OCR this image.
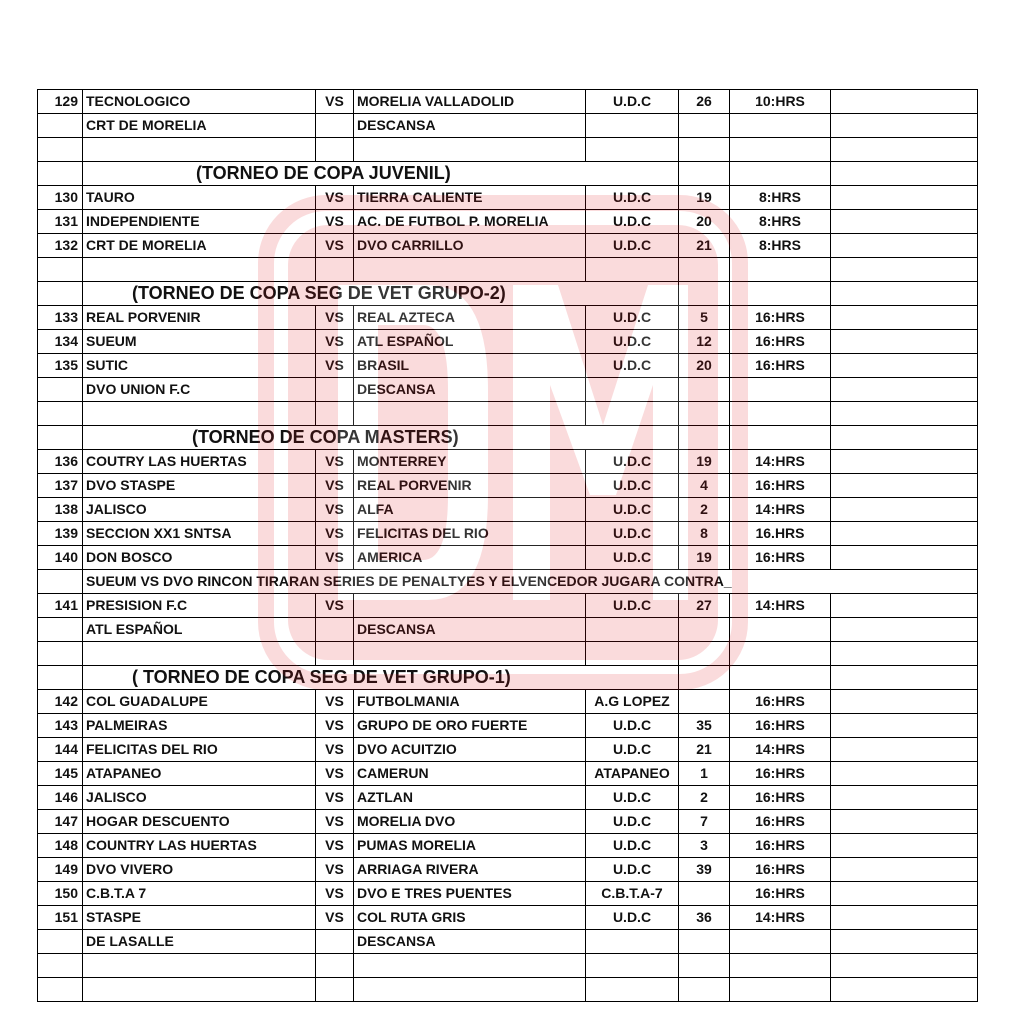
129	TECNOLOGICO	VS	MORELIA VALLADOLID	U.D.C	26	10:HRS	
	CRT DE MORELIA		DESCANSA				

	(TORNEO DE COPA JUVENIL)						
130	TAURO	VS	TIERRA CALIENTE	U.D.C	19	8:HRS	
131	INDEPENDIENTE	VS	AC. DE FUTBOL P. MORELIA	U.D.C	20	8:HRS	
132	CRT DE MORELIA	VS	DVO CARRILLO	U.D.C	21	8:HRS	

	(TORNEO DE COPA SEG DE VET GRUPO-2)						
133	REAL PORVENIR	VS	REAL AZTECA	U.D.C	5	16:HRS	
134	SUEUM	VS	ATL ESPAÑOL	U.D.C	12	16:HRS	
135	SUTIC	VS	BRASIL	U.D.C	20	16:HRS	
	DVO UNION F.C		DESCANSA				

	(TORNEO DE COPA MASTERS)						
136	COUTRY LAS HUERTAS	VS	MONTERREY	U.D.C	19	14:HRS	
137	DVO STASPE	VS	REAL PORVENIR	U.D.C	4	16:HRS	
138	JALISCO	VS	ALFA	U.D.C	2	14:HRS	
139	SECCION XX1 SNTSA	VS	FELICITAS DEL RIO	U.D.C	8	16.HRS	
140	DON BOSCO	VS	AMERICA	U.D.C	19	16:HRS	
	SUEUM VS DVO RINCON TIRARAN SERIES DE PENALTYES Y ELVENCEDOR JUGARA CONTRA_						
141	PRESISION F.C	VS		U.D.C	27	14:HRS	
	ATL ESPAÑOL		DESCANSA				

	( TORNEO DE COPA SEG DE VET GRUPO-1)						
142	COL GUADALUPE	VS	FUTBOLMANIA	A.G LOPEZ		16:HRS	
143	PALMEIRAS	VS	GRUPO DE ORO FUERTE	U.D.C	35	16:HRS	
144	FELICITAS DEL RIO	VS	DVO ACUITZIO	U.D.C	21	14:HRS	
145	ATAPANEO	VS	CAMERUN	ATAPANEO	1	16:HRS	
146	JALISCO	VS	AZTLAN	U.D.C	2	16:HRS	
147	HOGAR DESCUENTO	VS	MORELIA DVO	U.D.C	7	16:HRS	
148	COUNTRY LAS HUERTAS	VS	PUMAS MORELIA	U.D.C	3	16:HRS	
149	DVO VIVERO	VS	ARRIAGA RIVERA	U.D.C	39	16:HRS	
150	C.B.T.A 7	VS	DVO E TRES PUENTES	C.B.T.A-7		16:HRS	
151	STASPE	VS	COL RUTA GRIS	U.D.C	36	14:HRS	
	DE LASALLE		DESCANSA				
